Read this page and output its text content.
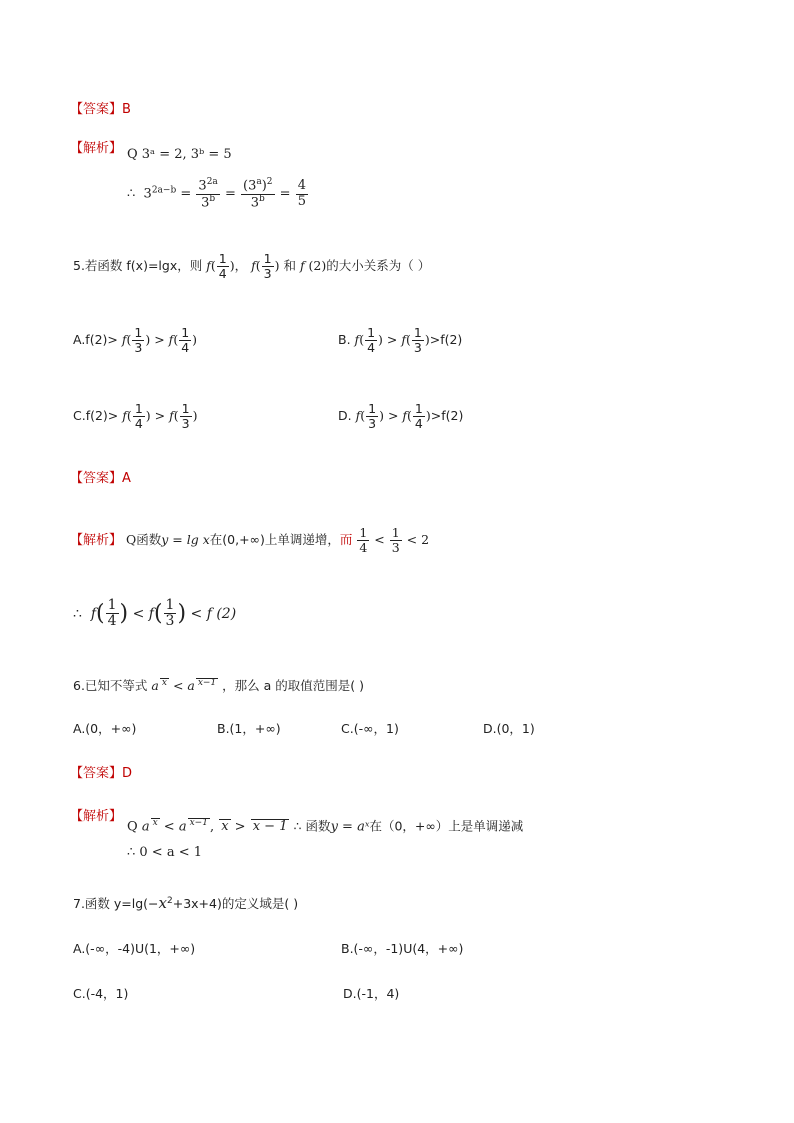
【答案】B
【解析】 Q 3ᵃ = 2, 3ᵇ = 5
∴ $3^{2a-b} = \frac{3^{2a}}{3^b} = \frac{(3^a)^2}{3^b} = \frac{4}{5}$
5.若函数 f(x)=lgx，则 $f( \frac{1}{4}$ )， $f( \frac{1}{3}$ ) 和 f (2)的大小关系为（ ）
$A.f(2)> f( \frac{1}{3}$ ) > $f( \frac{1}{4}$ )	B. $f( \frac{1}{4}$ ) > $f( \frac{1}{3} )>f(2)$
$C.f(2)> f( \frac{1}{4}$ ) > $f( \frac{1}{3}$ )	D. $f( \frac{1}{3}$ ) > $f( \frac{1}{4} )>f(2)$
【答案】A
【解析】 Q函数y = lg x在(0,+∞)上单调递增，而 $\frac{1}{4} < \frac{1}{3} < 2$
∴ $f( \frac{1}{4}$ ) < $f( \frac{1}{3}$ ) < f (2)
6.已知不等式 a $^x$ < a $^{x-1}$ ，那么 a 的取值范围是( )
A.(0，+∞)	B.(1，+∞)	C.(-∞，1)	D.(0，1)
【答案】D
【解析】
Q a $^x$ < a $^{x-1}$ , x > x − 1 ∴ 函数y = aˣ在（0，+∞）上是单调递减
∴ 0 < a < 1
7.函数 $y=\lg(-x^2+3x+4)$的定义域是( )
A.(-∞，-4)U(1，+∞)	B.(-∞，-1)U(4，+∞)
C.(-4，1)	D.(-1，4)
